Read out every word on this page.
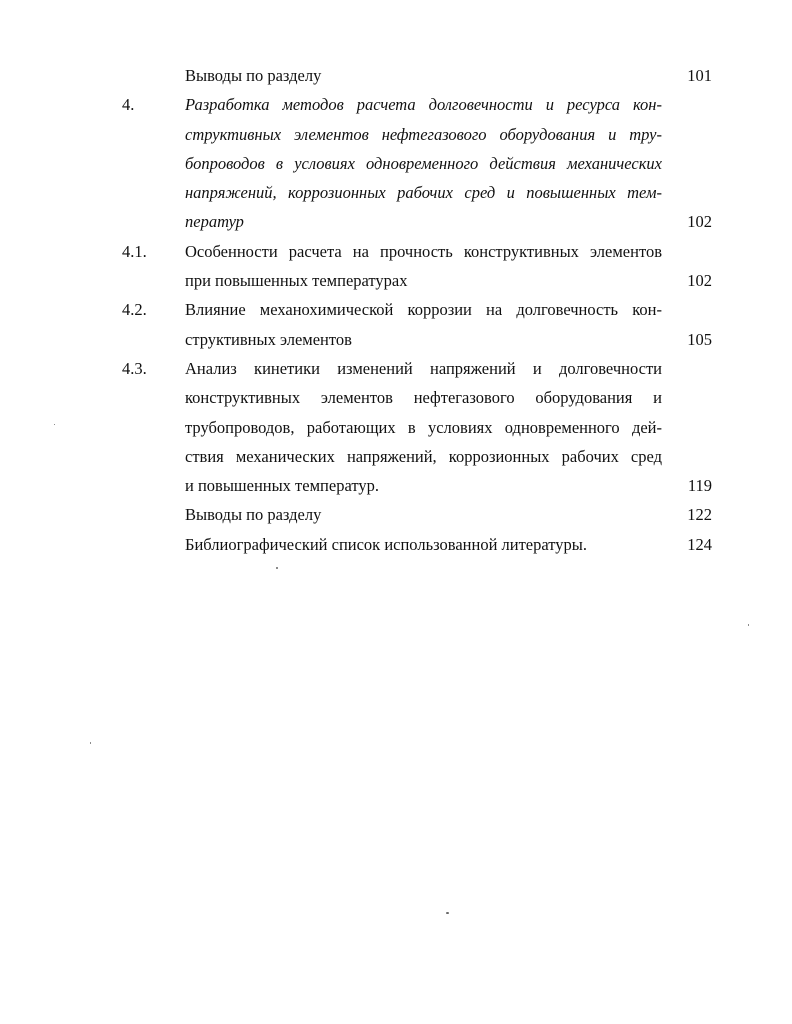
Выводы по разделу	101
4.	Разработка методов расчета долговечности и ресурса кон-
структивных элементов нефтегазового оборудования и тру-
бопроводов в условиях одновременного действия механических
напряжений, коррозионных рабочих сред и повышенных тем-
ператур	102
4.1. Особенности расчета на прочность конструктивных элементов
при повышенных температурах	102
4.2. Влияние механохимической коррозии на долговечность кон-
структивных элементов	105
4.3. Анализ кинетики изменений напряжений и долговечности
конструктивных элементов нефтегазового оборудования и
трубопроводов, работающих в условиях одновременного дей-
ствия механических напряжений, коррозионных рабочих сред
и повышенных температур.	119
Выводы по разделу	122
Библиографический список использованной литературы.	124
